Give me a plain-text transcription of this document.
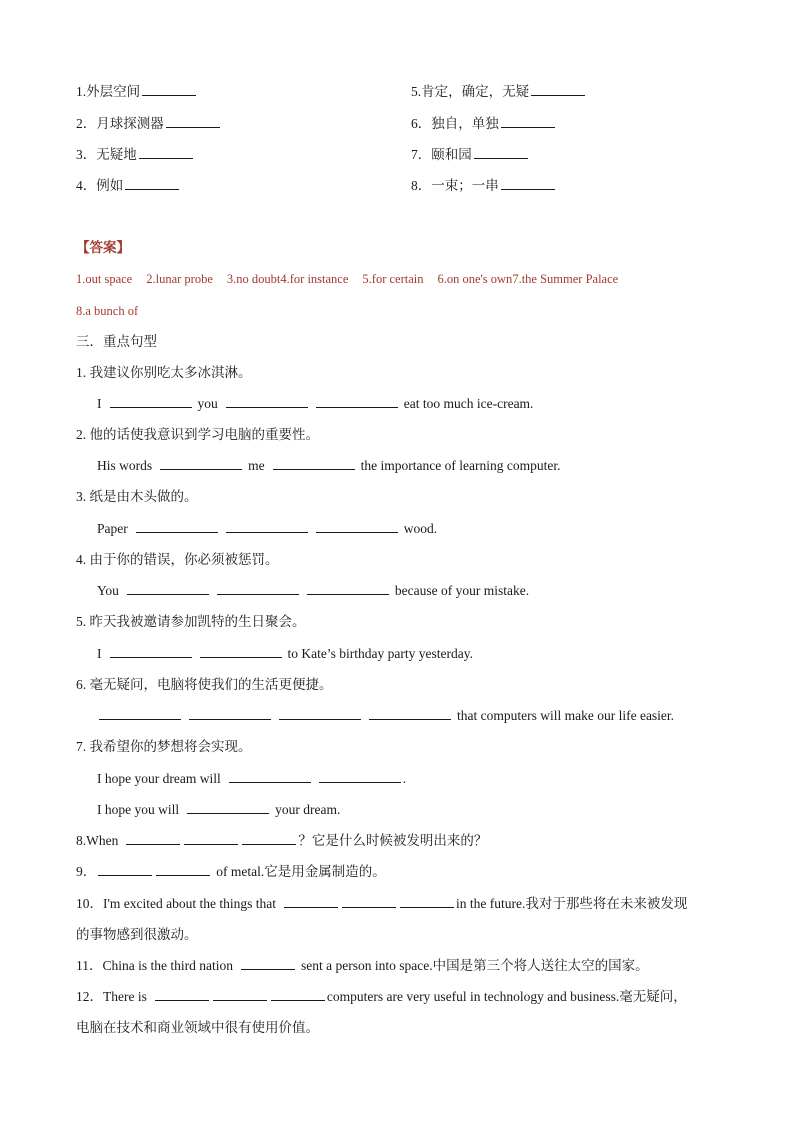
1.外层空间	5.肯定，确定，无疑
2．月球探测器	6．独自，单独
3．无疑地	7．颐和园
4．例如	8．一束；一串
【答案】
1.out space 2.lunar probe 3.no doubt4.for instance 5.for certain 6.on one's own7.the Summer Palace
8.a bunch of
三．重点句型
1. 我建议你别吃太多冰淇淋。
I	you	eat too much ice-cream.
2. 他的话使我意识到学习电脑的重要性。
His words	me	the importance of learning computer.
3. 纸是由木头做的。
Paper	wood.
4. 由于你的错误，你必须被惩罚。
You	because of your mistake.
5. 昨天我被邀请参加凯特的生日聚会。
I	to Kate’s birthday party yesterday.
6. 毫无疑问，电脑将使我们的生活更便捷。
that computers will make our life easier.
7. 我希望你的梦想将会实现。
I hope your dream will	.
I hope you will	your dream.
8.When	？它是什么时候被发明出来的？
9．	of metal.它是用金属制造的。
10．I'm excited about the things that	in the future.我对于那些将在未来被发现
的事物感到很激动。
11．China is the third nation	sent a person into space.中国是第三个将人送往太空的国家。
12．There is	computers are very useful in technology and business.毫无疑问，
电脑在技术和商业领域中很有使用价值。
